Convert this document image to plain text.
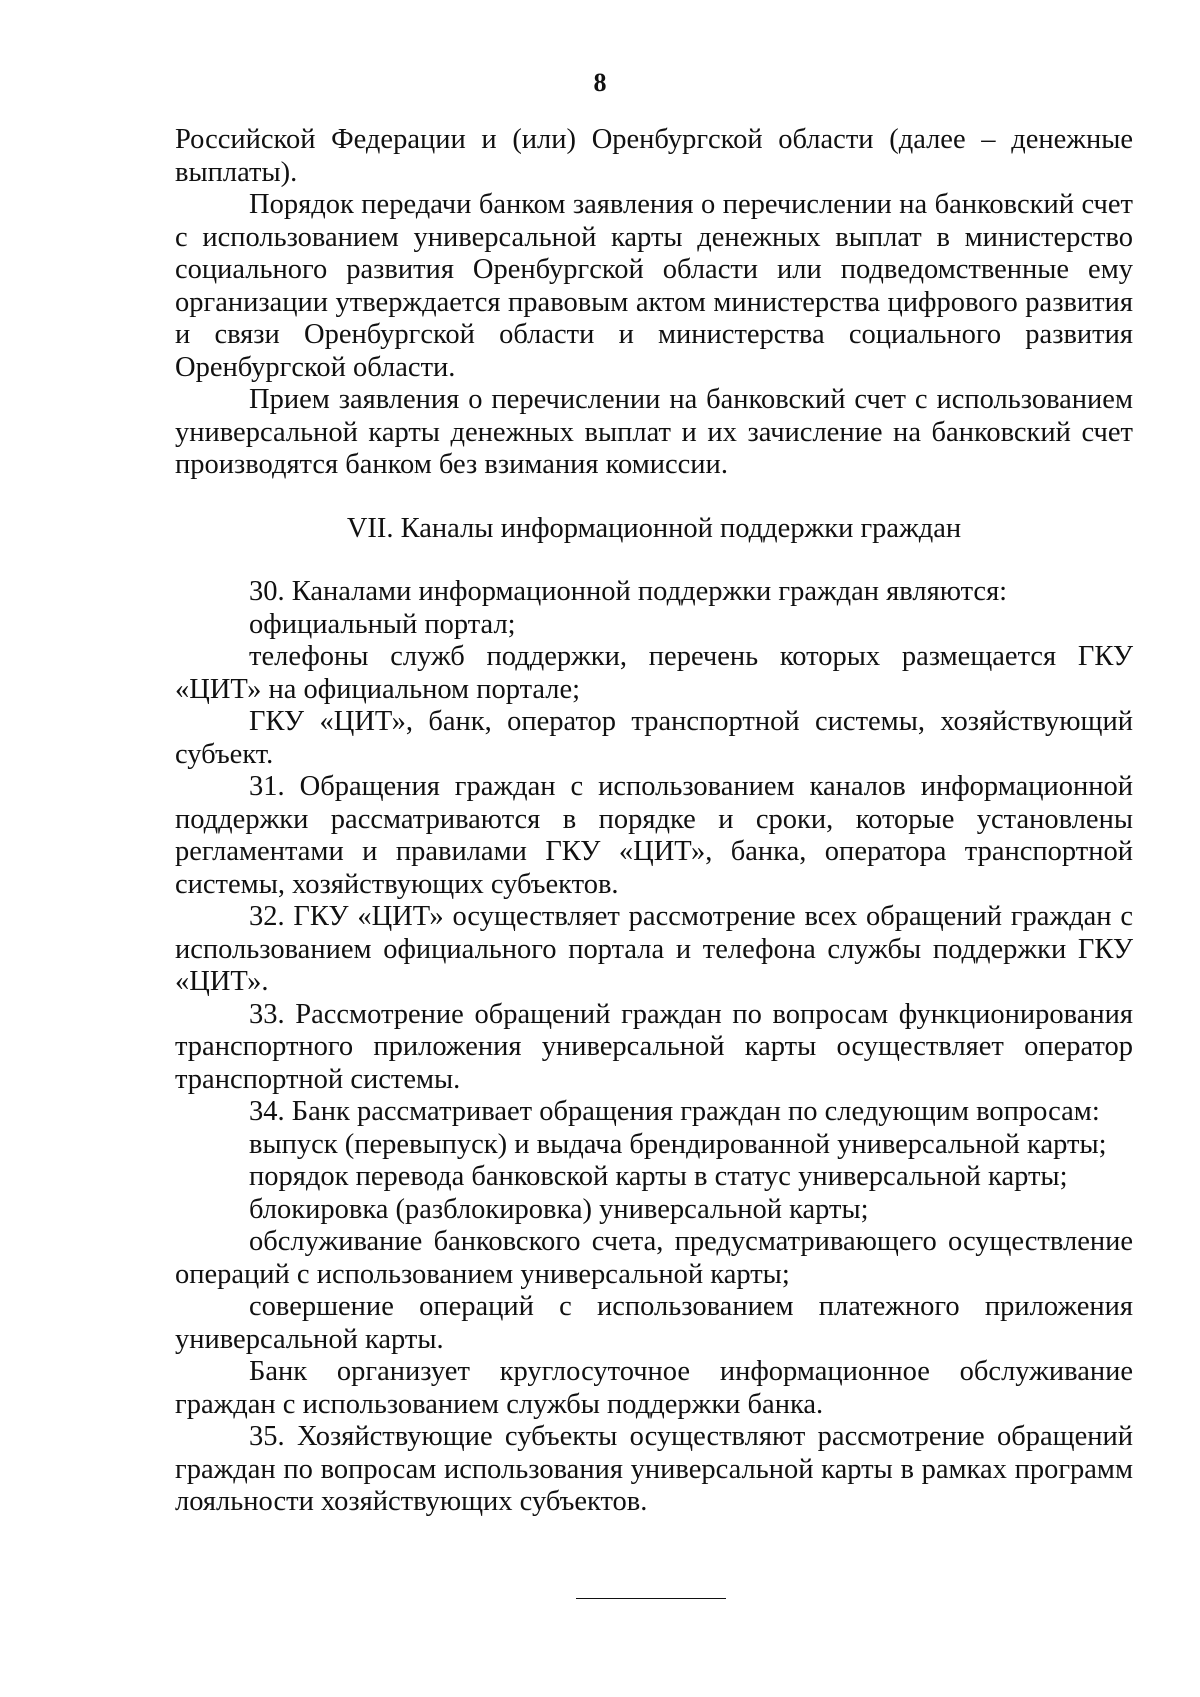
8

Российской Федерации и (или) Оренбургской области (далее – денежные выплаты).

Порядок передачи банком заявления о перечислении на банковский счет с использованием универсальной карты денежных выплат в министерство социального развития Оренбургской области или подведомственные ему организации утверждается правовым актом министерства цифрового развития и связи Оренбургской области и министерства социального развития Оренбургской области.

Прием заявления о перечислении на банковский счет с использованием универсальной карты денежных выплат и их зачисление на банковский счет производятся банком без взимания комиссии.

VII. Каналы информационной поддержки граждан

30. Каналами информационной поддержки граждан являются:

официальный портал;

телефоны служб поддержки, перечень которых размещается ГКУ «ЦИТ» на официальном портале;

ГКУ «ЦИТ», банк, оператор транспортной системы, хозяйствующий субъект.

31. Обращения граждан с использованием каналов информационной поддержки рассматриваются в порядке и сроки, которые установлены регламентами и правилами ГКУ «ЦИТ», банка, оператора транспортной системы, хозяйствующих субъектов.

32. ГКУ «ЦИТ» осуществляет рассмотрение всех обращений граждан с использованием официального портала и телефона службы поддержки ГКУ «ЦИТ».

33. Рассмотрение обращений граждан по вопросам функционирования транспортного приложения универсальной карты осуществляет оператор транспортной системы.

34. Банк рассматривает обращения граждан по следующим вопросам:

выпуск (перевыпуск) и выдача брендированной универсальной карты;

порядок перевода банковской карты в статус универсальной карты;

блокировка (разблокировка) универсальной карты;

обслуживание банковского счета, предусматривающего осуществление операций с использованием универсальной карты;

совершение операций с использованием платежного приложения универсальной карты.

Банк организует круглосуточное информационное обслуживание граждан с использованием службы поддержки банка.

35. Хозяйствующие субъекты осуществляют рассмотрение обращений граждан по вопросам использования универсальной карты в рамках программ лояльности хозяйствующих субъектов.
